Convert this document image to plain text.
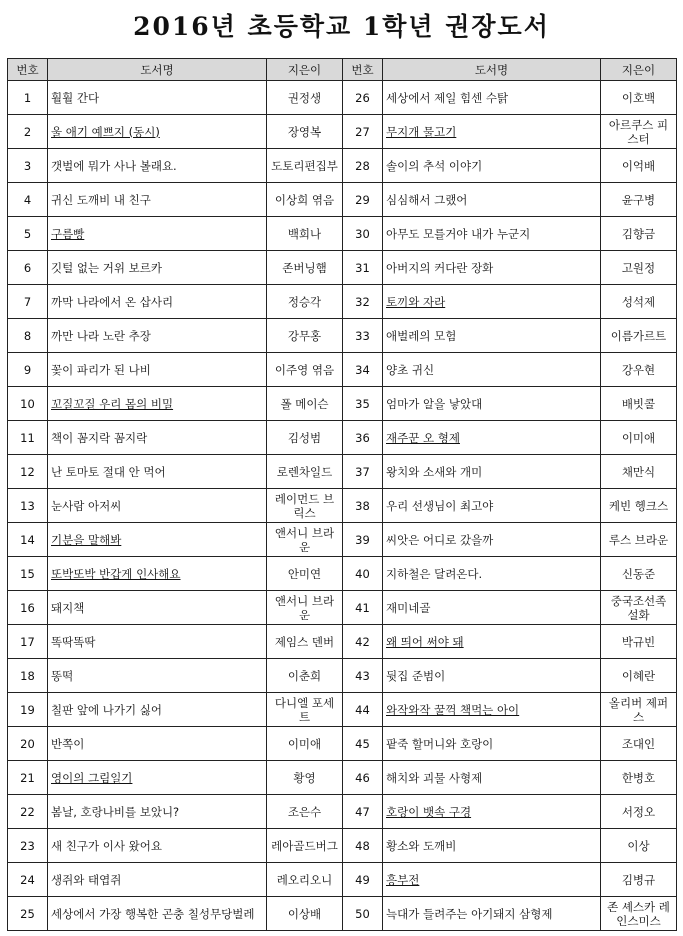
2016년 초등학교 1학년 권장도서
번호	도서명	지은이	번호	도서명	지은이
1	훨훨 간다	권정생	26	세상에서 제일 힘센 수탉	이호백
2	울 애기 예쁘지 (동시)	장영복	27	무지개 물고기	아르쿠스 피스터
3	갯벌에 뭐가 사나 볼래요.	도토리편집부	28	솔이의 추석 이야기	이억배
4	귀신 도깨비 내 친구	이상희 엮음	29	심심해서 그랬어	윤구병
5	구름빵	백희나	30	아무도 모를거야 내가 누군지	김향금
6	깃털 없는 거위 보르카	존버닝햄	31	아버지의 커다란 장화	고원정
7	까막 나라에서 온 삽사리	정승각	32	토끼와 자라	성석제
8	까만 나라 노란 추장	강무홍	33	애벌레의 모험	이름가르트
9	꽃이 파리가 된 나비	이주영 엮음	34	양초 귀신	강우현
10	꼬질꼬질 우리 몸의 비밀	폴 메이슨	35	엄마가 알을 낳았대	배빗콜
11	책이 꼼지락 꼼지락	김성범	36	재주꾼 오 형제	이미애
12	난 토마토 절대 안 먹어	로렌차일드	37	왕치와 소새와 개미	채만식
13	눈사람 아저씨	레이먼드 브릭스	38	우리 선생님이 최고야	케빈 헹크스
14	기분을 말해봐	앤서니 브라운	39	씨앗은 어디로 갔을까	루스 브라운
15	또박또박 반갑게 인사해요	안미연	40	지하철은 달려온다.	신동준
16	돼지책	앤서니 브라운	41	재미네골	중국조선족 설화
17	똑딱똑딱	제임스 덴버	42	왜 띄어 써야 돼	박규빈
18	똥떡	이춘희	43	뒷집 준범이	이혜란
19	칠판 앞에 나가기 싫어	다니엘 포세트	44	와작와작 꿀꺽 책먹는 아이	올리버 제퍼스
20	반쪽이	이미애	45	팥죽 할머니와 호랑이	조대인
21	영이의 그림일기	황영	46	해치와 괴물 사형제	한병호
22	봄날, 호랑나비를 보았니?	조은수	47	호랑이 뱃속 구경	서정오
23	새 친구가 이사 왔어요	레아골드버그	48	황소와 도깨비	이상
24	생쥐와 태엽쥐	레오리오니	49	흥부전	김병규
25	세상에서 가장 행복한 곤충 칠성무당벌레	이상배	50	늑대가 들려주는 아기돼지 삼형제	존 셰스카 레인스미스
